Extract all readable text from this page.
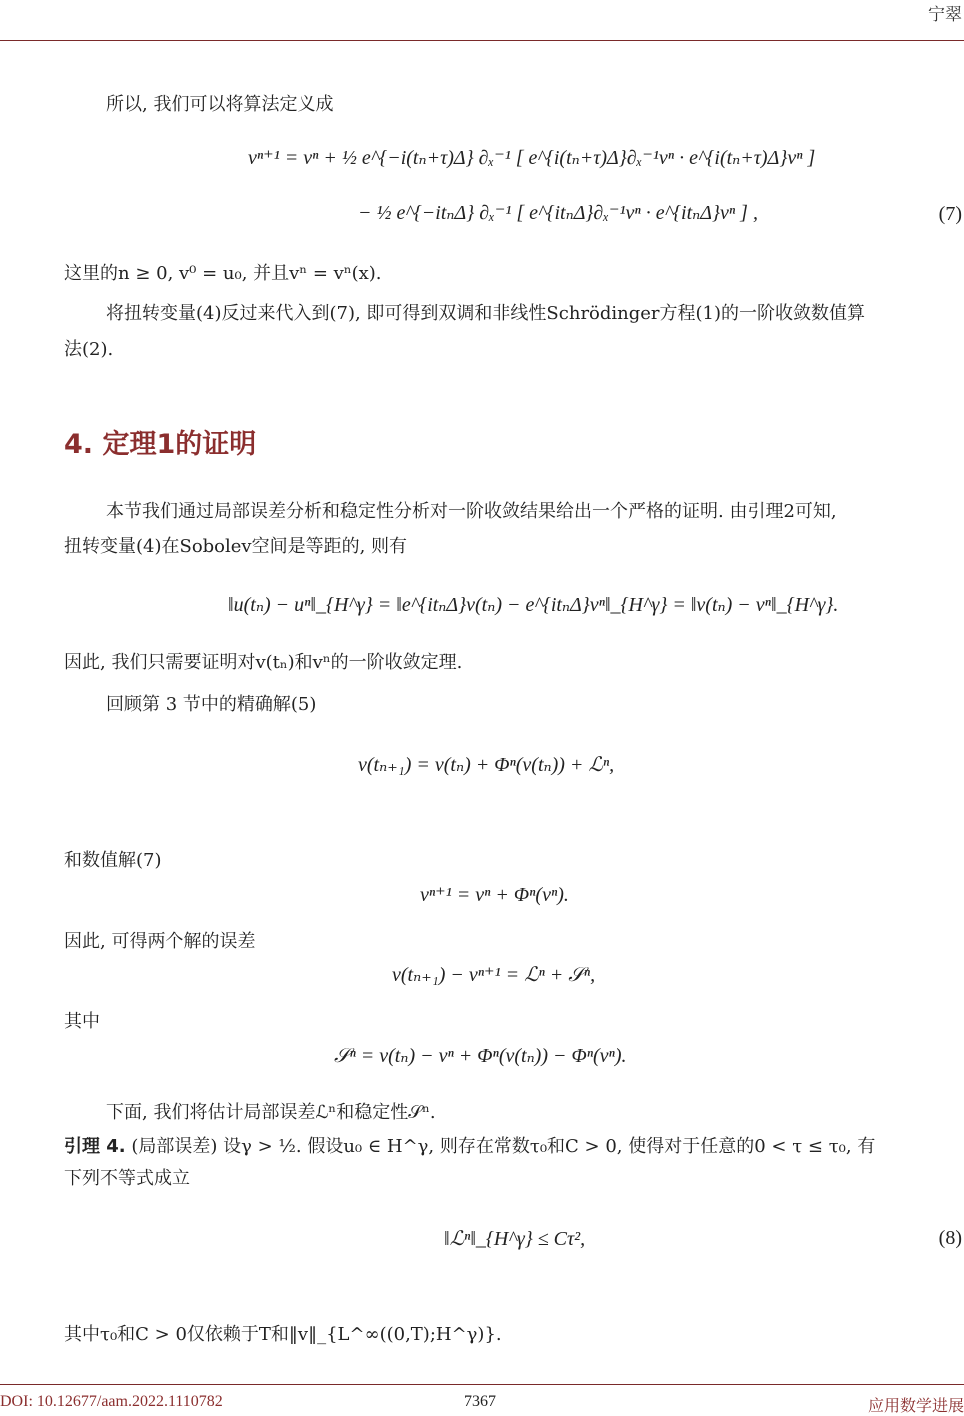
宁翠
所以, 我们可以将算法定义成
vⁿ⁺¹ = vⁿ + ½ e^{−i(tₙ+τ)Δ} ∂ₓ⁻¹ [ e^{i(tₙ+τ)Δ}∂ₓ⁻¹vⁿ · e^{i(tₙ+τ)Δ}vⁿ ]
− ½ e^{−itₙΔ} ∂ₓ⁻¹ [ e^{itₙΔ}∂ₓ⁻¹vⁿ · e^{itₙΔ}vⁿ ] ,	(7)
这里的n ≥ 0, v⁰ = u₀, 并且vⁿ = vⁿ(x).
将扭转变量(4)反过来代入到(7), 即可得到双调和非线性Schrödinger方程(1)的一阶收敛数值算
法(2).
4. 定理1的证明
本节我们通过局部误差分析和稳定性分析对一阶收敛结果给出一个严格的证明. 由引理2可知,
扭转变量(4)在Sobolev空间是等距的, 则有
‖u(tₙ) − uⁿ‖_{H^γ} = ‖e^{itₙΔ}v(tₙ) − e^{itₙΔ}vⁿ‖_{H^γ} = ‖v(tₙ) − vⁿ‖_{H^γ}.
因此, 我们只需要证明对v(tₙ)和vⁿ的一阶收敛定理.
回顾第 3 节中的精确解(5)
v(tₙ₊₁) = v(tₙ) + Φⁿ(v(tₙ)) + ℒⁿ,
和数值解(7)
vⁿ⁺¹ = vⁿ + Φⁿ(vⁿ).
因此, 可得两个解的误差
v(tₙ₊₁) − vⁿ⁺¹ = ℒⁿ + 𝒮ⁿ,
其中
𝒮ⁿ = v(tₙ) − vⁿ + Φⁿ(v(tₙ)) − Φⁿ(vⁿ).
下面, 我们将估计局部误差ℒⁿ和稳定性𝒮ⁿ.
引理 4. (局部误差) 设γ > ½. 假设u₀ ∈ H^γ, 则存在常数τ₀和C > 0, 使得对于任意的0 < τ ≤ τ₀, 有
下列不等式成立
‖ℒⁿ‖_{H^γ} ≤ Cτ²,	(8)
其中τ₀和C > 0仅依赖于T和‖v‖_{L^∞((0,T);H^γ)}.
DOI: 10.12677/aam.2022.1110782	7367	应用数学进展
